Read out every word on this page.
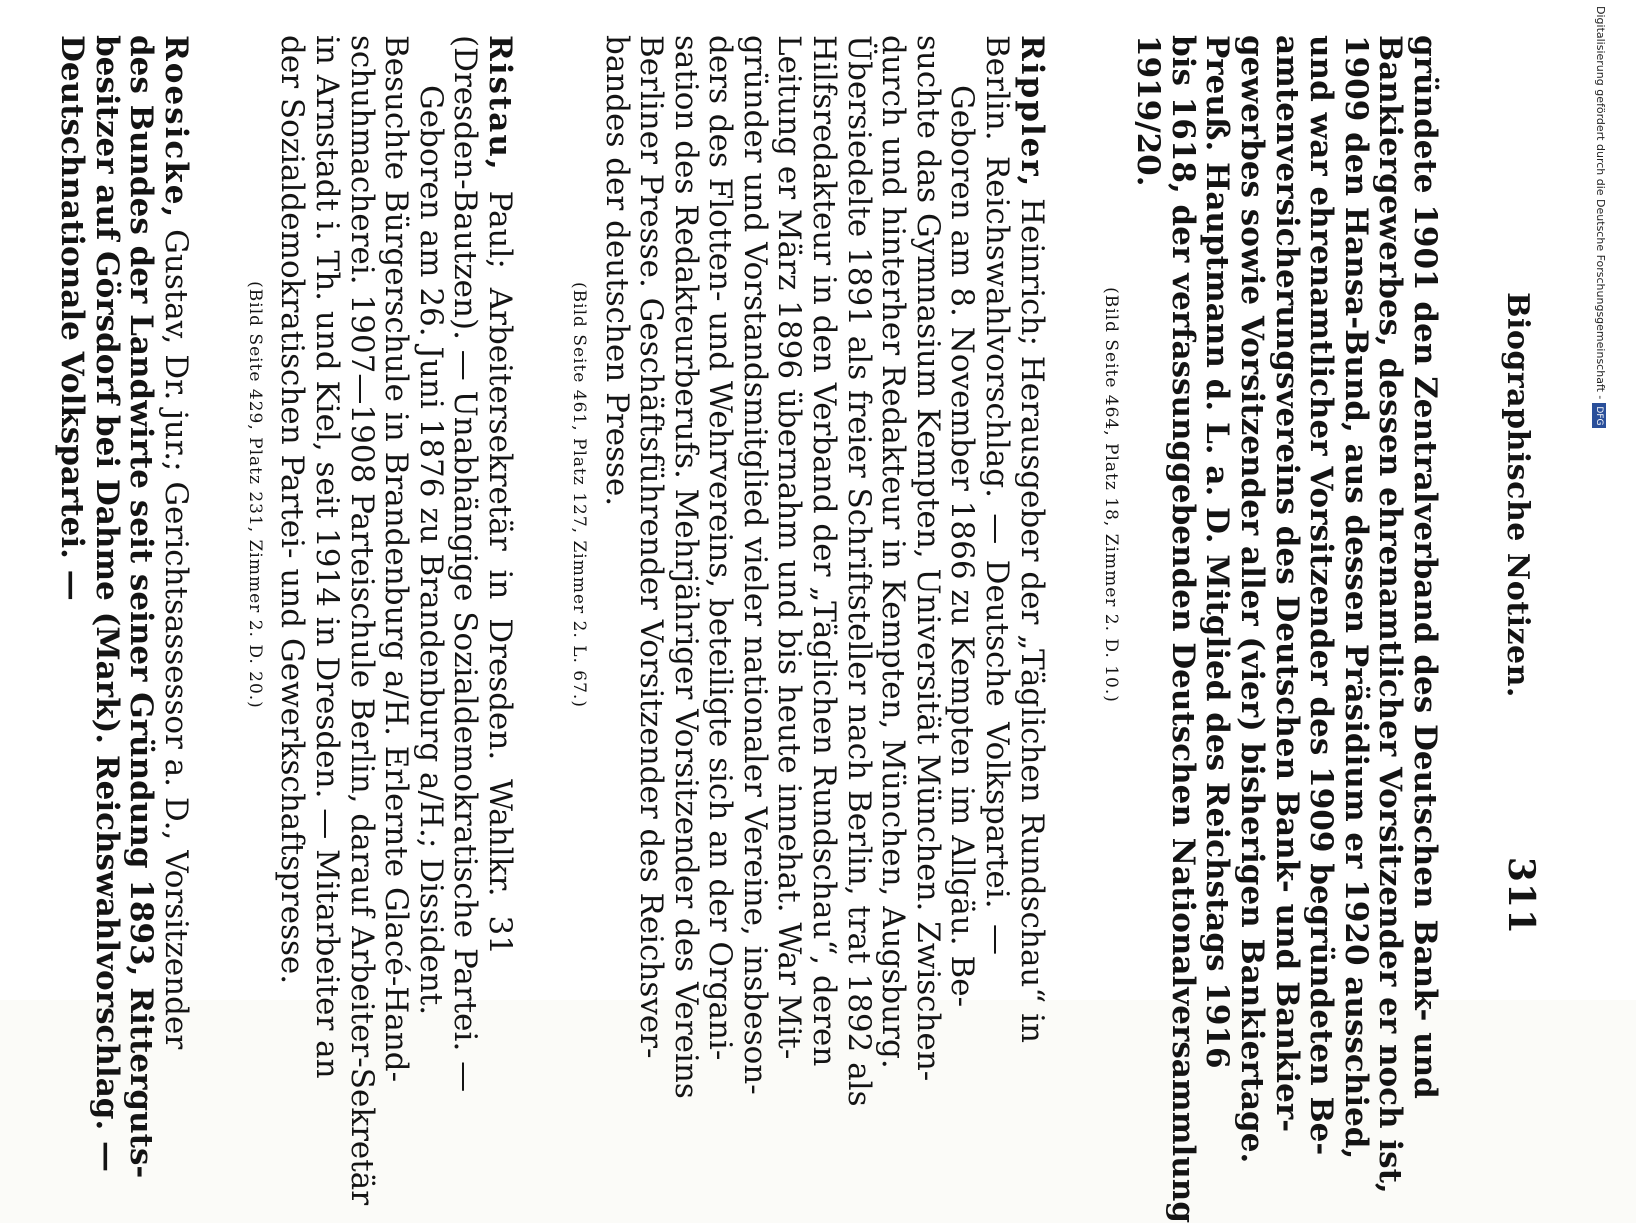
Biographische Notizen.
311
gründete 1901 den Zentralverband des Deutschen Bank- und
Bankiergewerbes, dessen ehrenamtlicher Vorsitzender er noch ist,
1909 den Hansa-Bund, aus dessen Präsidium er 1920 ausschied,
und war ehrenamtlicher Vorsitzender des 1909 begründeten Be-
amtenversicherungsvereins des Deutschen Bank- und Bankier-
gewerbes sowie Vorsitzender aller (vier) bisherigen Bankiertage.
Preuß. Hauptmann d. L. a. D. Mitglied des Reichstags 1916
bis 1618, der verfassunggebenden Deutschen Nationalversammlung
1919/20.
(Bild Seite 464, Platz 18, Zimmer 2. D. 10.)
Rippler, Heinrich; Herausgeber der „Täglichen Rundschau“ in
Berlin. Reichswahlvorschlag. — Deutsche Volkspartei. —
Geboren am 8. November 1866 zu Kempten im Allgäu. Be-
suchte das Gymnasium Kempten, Universität München. Zwischen-
durch und hinterher Redakteur in Kempten, München, Augsburg.
Übersiedelte 1891 als freier Schriftsteller nach Berlin, trat 1892 als
Hilfsredakteur in den Verband der „Täglichen Rundschau“, deren
Leitung er März 1896 übernahm und bis heute innehat. War Mit-
gründer und Vorstandsmitglied vieler nationaler Vereine, insbeson-
ders des Flotten- und Wehrvereins, beteiligte sich an der Organi-
sation des Redakteurberufs. Mehrjähriger Vorsitzender des Vereins
Berliner Presse. Geschäftsführender Vorsitzender des Reichsver-
bandes der deutschen Presse.
(Bild Seite 461, Platz 127, Zimmer 2. L. 67.)
Ristau, Paul; Arbeitersekretär in Dresden. Wahlkr. 31
(Dresden-Bautzen). — Unabhängige Sozialdemokratische Partei. —
Geboren am 26. Juni 1876 zu Brandenburg a/H.; Dissident.
Besuchte Bürgerschule in Brandenburg a/H. Erlernte Glacé-Hand-
schuhmacherei. 1907—1908 Parteischule Berlin, darauf Arbeiter-Sekretär
in Arnstadt i. Th. und Kiel, seit 1914 in Dresden. — Mitarbeiter an
der Sozialdemokratischen Partei- und Gewerkschaftspresse.
(Bild Seite 429, Platz 231, Zimmer 2. D. 20.)
Roesicke, Gustav, Dr. jur.; Gerichtsassessor a. D., Vorsitzender
des Bundes der Landwirte seit seiner Gründung 1893, Ritterguts-
besitzer auf Görsdorf bei Dahme (Mark). Reichswahlvorschlag. —
Deutschnationale Volkspartei. —	Digitalisierung gefördert durch die Deutsche Forschungsgemeinschaft -DFG
